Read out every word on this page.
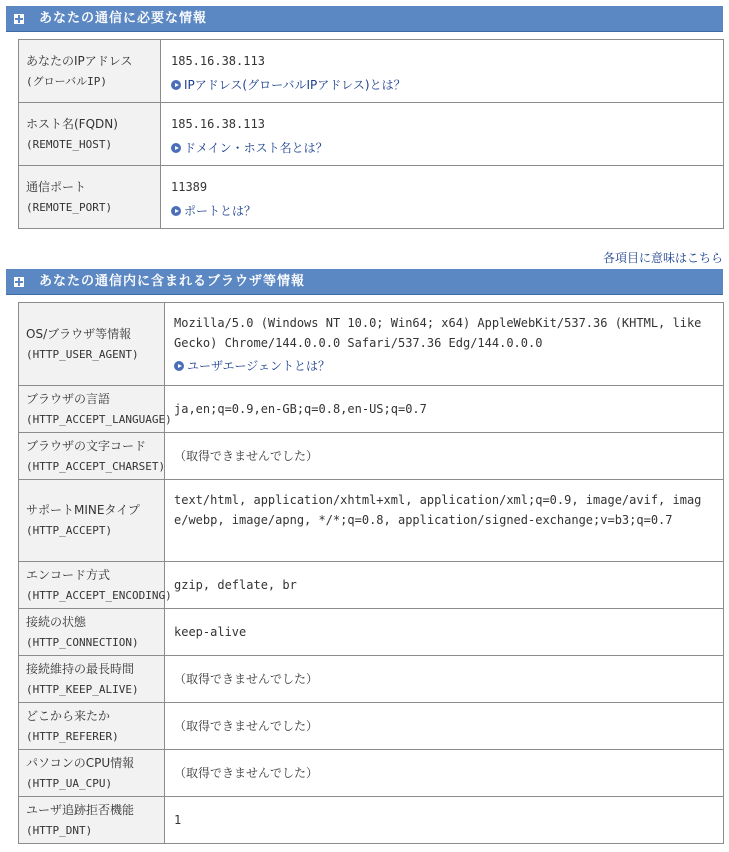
あなたの通信に必要な情報
あなたのIPアドレス
(グローバルIP)	185.16.38.113
IPアドレス(グローバルIPアドレス)とは？

ホスト名(FQDN)
(REMOTE_HOST)	185.16.38.113
ドメイン・ホスト名とは？

通信ポート
(REMOTE_PORT)	11389
ポートとは？
各項目に意味はこちら
あなたの通信内に含まれるブラウザ等情報
OS/ブラウザ等情報
(HTTP_USER_AGENT)	Mozilla/5.0 (Windows NT 10.0; Win64; x64) AppleWebKit/537.36 (KHTML, like Gecko) Chrome/144.0.0.0 Safari/537.36 Edg/144.0.0.0
ユーザエージェントとは？

ブラウザの言語
(HTTP_ACCEPT_LANGUAGE)	ja,en;q=0.9,en-GB;q=0.8,en-US;q=0.7
ブラウザの文字コード
(HTTP_ACCEPT_CHARSET)	（取得できませんでした）
サポートMINEタイプ
(HTTP_ACCEPT)	text/html, application/xhtml+xml, application/xml;q=0.9, image/avif, image/webp, image/apng, */*;q=0.8, application/signed-exchange;v=b3;q=0.7
エンコード方式
(HTTP_ACCEPT_ENCODING)	gzip, deflate, br
接続の状態
(HTTP_CONNECTION)	keep-alive
接続維持の最長時間
(HTTP_KEEP_ALIVE)	（取得できませんでした）
どこから来たか
(HTTP_REFERER)	（取得できませんでした）
パソコンのCPU情報
(HTTP_UA_CPU)	（取得できませんでした）
ユーザ追跡拒否機能
(HTTP_DNT)	1
